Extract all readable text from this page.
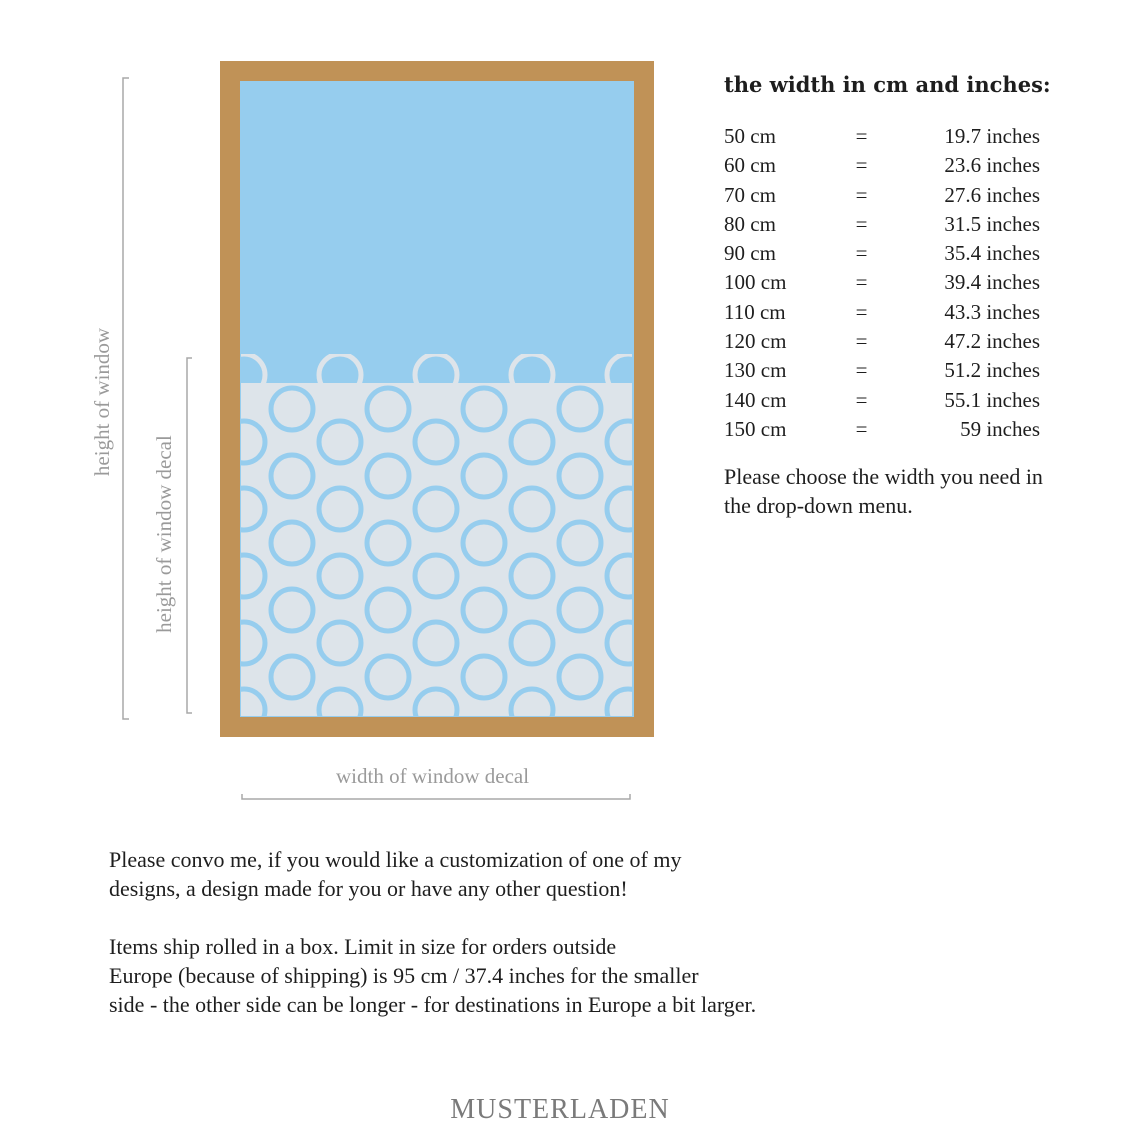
height of window
height of window decal
width of window decal
the width in cm and inches:
50 cm	=	19.7 inches
60 cm	=	23.6 inches
70 cm	=	27.6 inches
80 cm	=	31.5 inches
90 cm	=	35.4 inches
100 cm	=	39.4 inches
110 cm	=	43.3 inches
120 cm	=	47.2 inches
130 cm	=	51.2 inches
140 cm	=	55.1 inches
150 cm	=	59 inches
Please choose the width you need in the drop-down menu.
Please convo me, if you would like a customization of one of my
designs, a design made for you or have any other question!
Items ship rolled in a box. Limit in size for orders outside
Europe (because of shipping) is 95 cm / 37.4 inches for the smaller
side - the other side can be longer - for destinations in Europe a bit larger.
MUSTERLADEN
